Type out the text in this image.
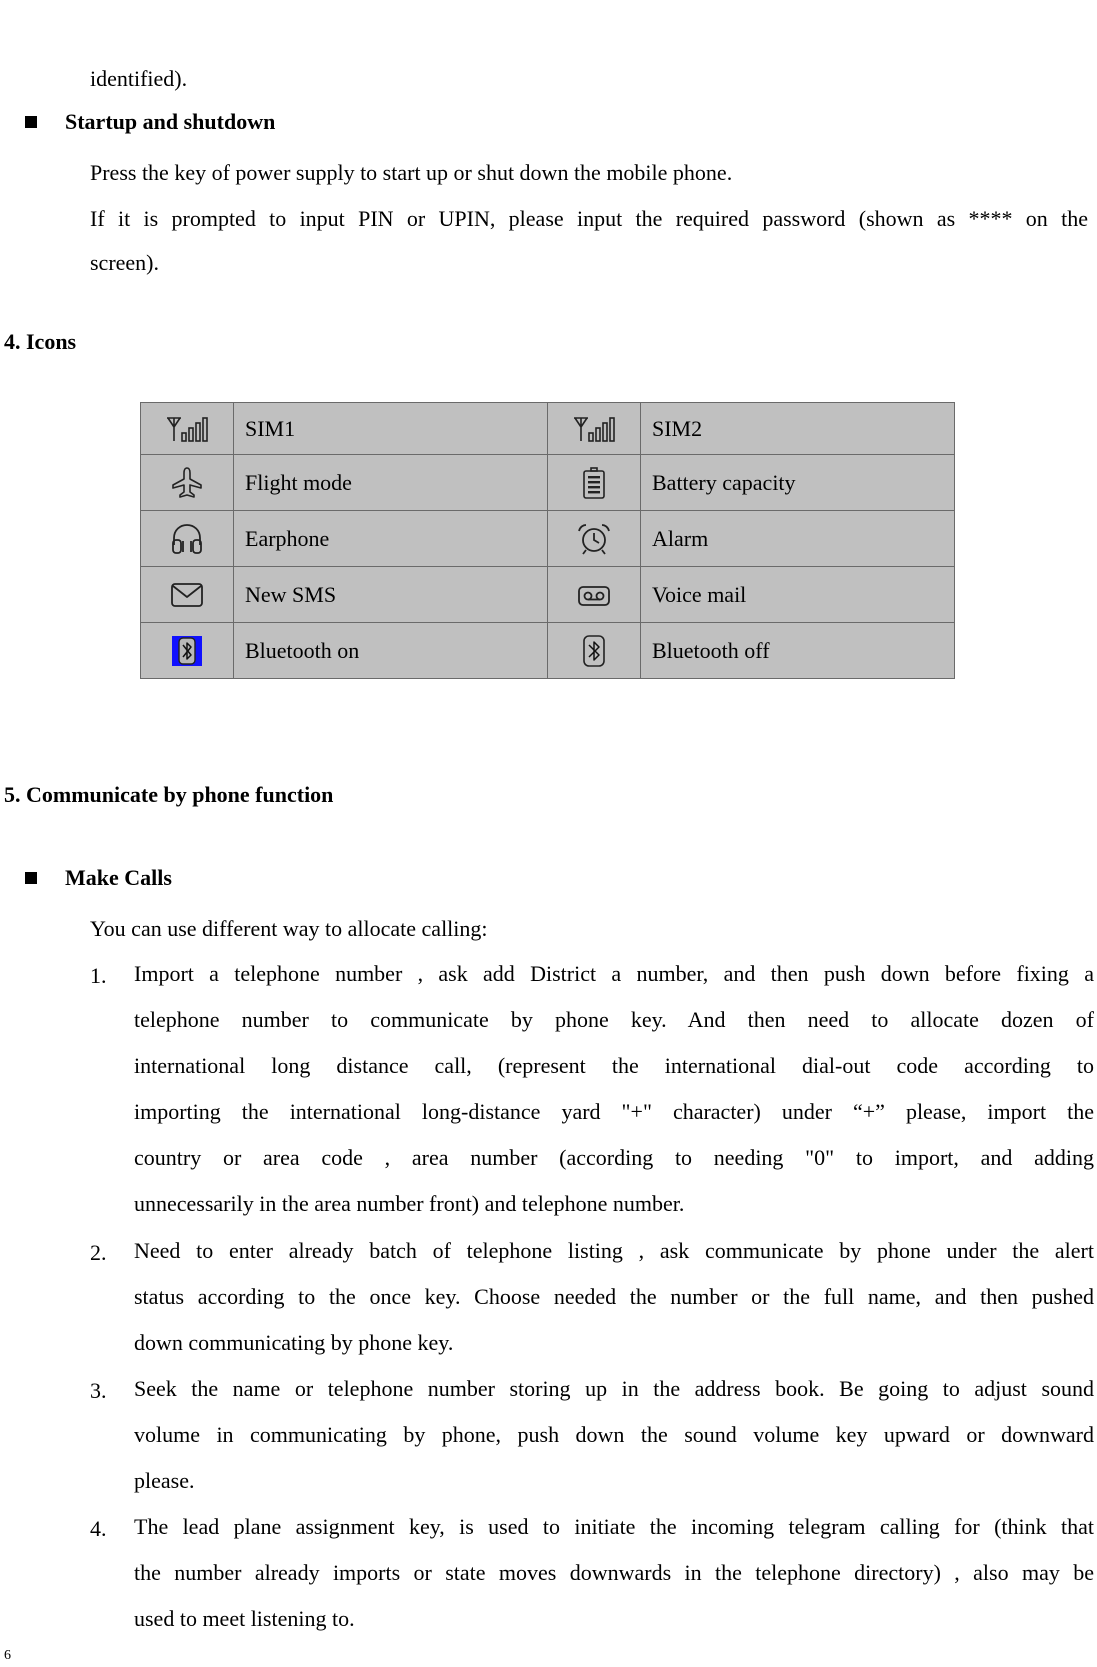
identified).
Startup and shutdown
Press the key of power supply to start up or shut down the mobile phone.
If it is prompted to input PIN or UPIN, please input the required password (shown as **** on the
screen).
4. Icons
	SIM1		SIM2
	Flight mode		Battery capacity
	Earphone		Alarm
	New SMS		Voice mail
	Bluetooth on		Bluetooth off
5. Communicate by phone function
Make Calls
You can use different way to allocate calling:
1. Import a telephone number , ask add District a number, and then push down before fixing a
telephone number to communicate by phone key. And then need to allocate dozen of
international long distance call, (represent the international dial-out code according to
importing the international long-distance yard "+" character) under “+” please, import the
country or area code , area number (according to needing "0" to import, and adding
unnecessarily in the area number front) and telephone number.
2. Need to enter already batch of telephone listing , ask communicate by phone under the alert
status according to the once key. Choose needed the number or the full name, and then pushed
down communicating by phone key.
3. Seek the name or telephone number storing up in the address book. Be going to adjust sound
volume in communicating by phone, push down the sound volume key upward or downward
please.
4. The lead plane assignment key, is used to initiate the incoming telegram calling for (think that
the number already imports or state moves downwards in the telephone directory) , also may be
used to meet listening to.
6
